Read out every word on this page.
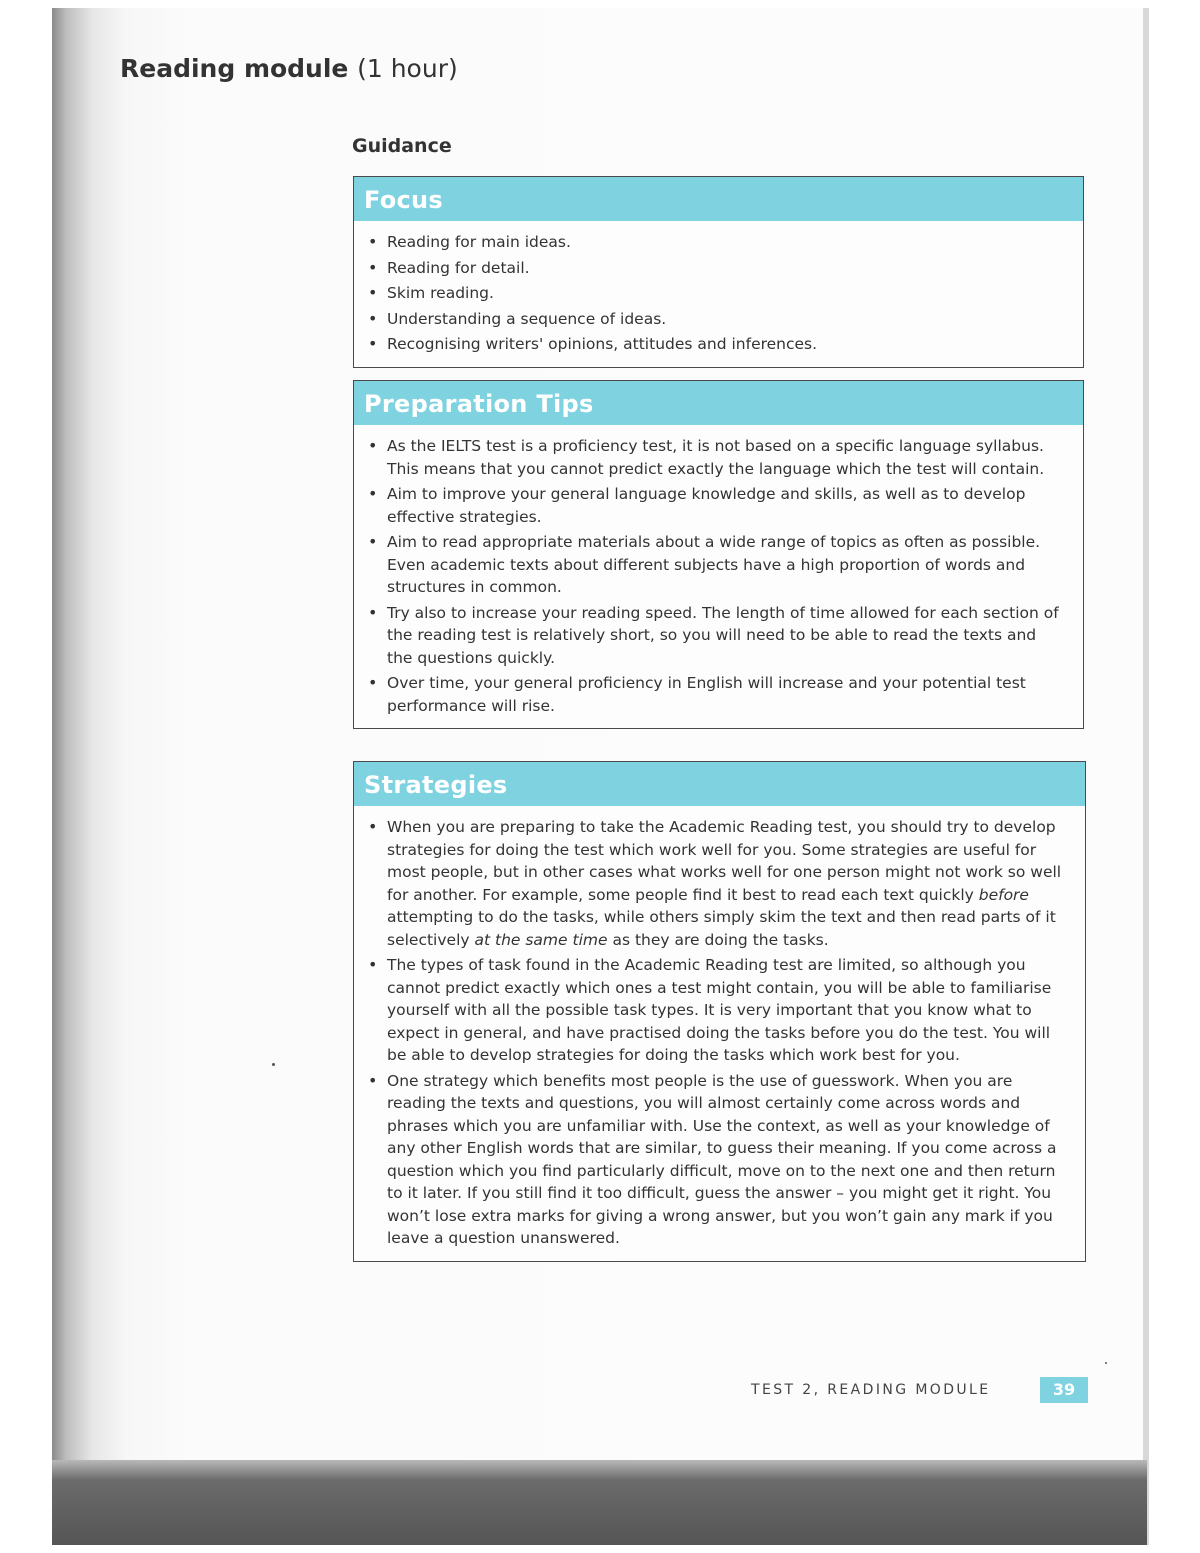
Reading module (1 hour)
Guidance
Focus
• Reading for main ideas.
• Reading for detail.
• Skim reading.
• Understanding a sequence of ideas.
• Recognising writers' opinions, attitudes and inferences.
Preparation Tips
• As the IELTS test is a proficiency test, it is not based on a specific language syllabus. This means that you cannot predict exactly the language which the test will contain.
• Aim to improve your general language knowledge and skills, as well as to develop effective strategies.
• Aim to read appropriate materials about a wide range of topics as often as possible. Even academic texts about different subjects have a high proportion of words and structures in common.
• Try also to increase your reading speed. The length of time allowed for each section of the reading test is relatively short, so you will need to be able to read the texts and the questions quickly.
• Over time, your general proficiency in English will increase and your potential test performance will rise.
Strategies
• When you are preparing to take the Academic Reading test, you should try to develop strategies for doing the test which work well for you. Some strategies are useful for most people, but in other cases what works well for one person might not work so well for another. For example, some people find it best to read each text quickly before attempting to do the tasks, while others simply skim the text and then read parts of it selectively at the same time as they are doing the tasks.
• The types of task found in the Academic Reading test are limited, so although you cannot predict exactly which ones a test might contain, you will be able to familiarise yourself with all the possible task types. It is very important that you know what to expect in general, and have practised doing the tasks before you do the test. You will be able to develop strategies for doing the tasks which work best for you.
• One strategy which benefits most people is the use of guesswork. When you are reading the texts and questions, you will almost certainly come across words and phrases which you are unfamiliar with. Use the context, as well as your knowledge of any other English words that are similar, to guess their meaning. If you come across a question which you find particularly difficult, move on to the next one and then return to it later. If you still find it too difficult, guess the answer – you might get it right. You won’t lose extra marks for giving a wrong answer, but you won’t gain any mark if you leave a question unanswered.
TEST 2, READING MODULE	39
